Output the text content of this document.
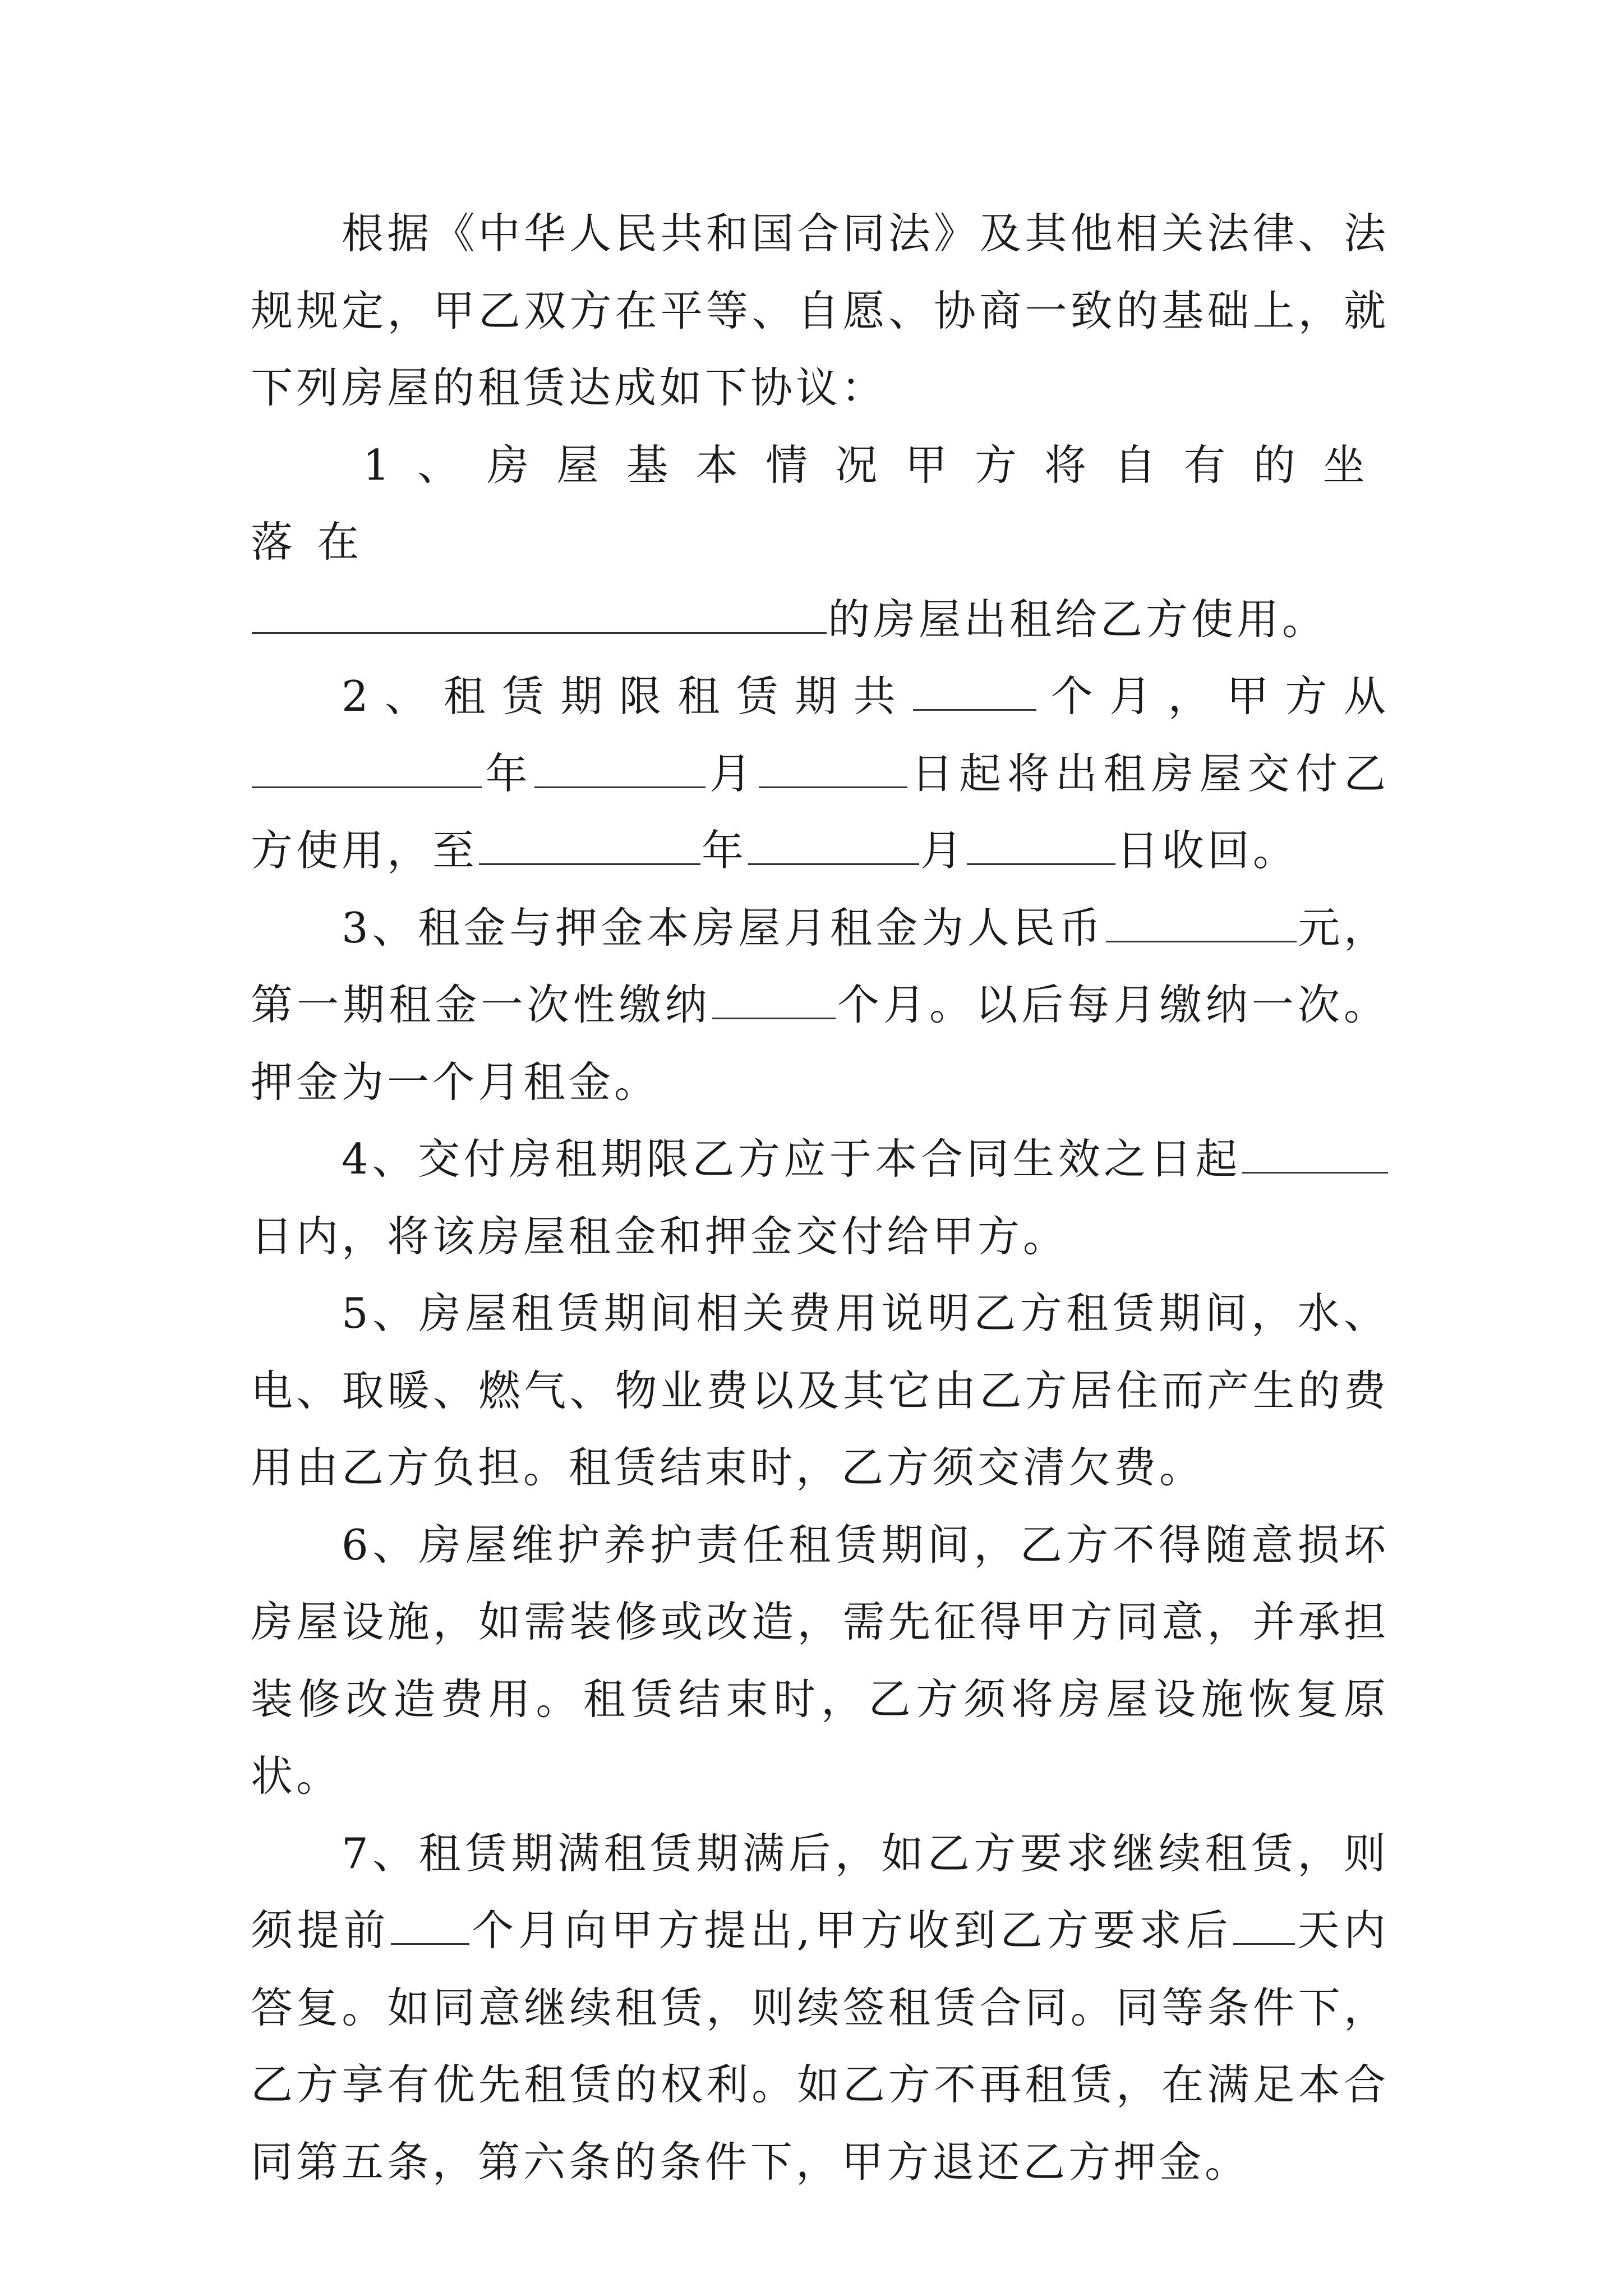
根据《中华人民共和国合同法》及其他相关法律、法规规定，甲乙双方在平等、自愿、协商一致的基础上，就下列房屋的租赁达成如下协议：

1、房屋基本情况甲方将自有的坐落在

的房屋出租给乙方使用。

2、租赁期限租赁期共	个月，甲方从年	月	日起将出租房屋交付乙方使用，至	年	月	日收回。

3、租金与押金本房屋月租金为人民币	元，第一期租金一次性缴纳	个月。以后每月缴纳一次。押金为一个月租金。

4、交付房租期限乙方应于本合同生效之日起日内，将该房屋租金和押金交付给甲方。

5、房屋租赁期间相关费用说明乙方租赁期间，水、电、取暖、燃气、物业费以及其它由乙方居住而产生的费用由乙方负担。租赁结束时，乙方须交清欠费。

6、房屋维护养护责任租赁期间，乙方不得随意损坏房屋设施，如需装修或改造，需先征得甲方同意，并承担装修改造费用。租赁结束时，乙方须将房屋设施恢复原状。

7、租赁期满租赁期满后，如乙方要求继续租赁，则须提前 个月向甲方提出,甲方收到乙方要求后 天内答复。如同意继续租赁，则续签租赁合同。同等条件下，乙方享有优先租赁的权利。如乙方不再租赁，在满足本合同第五条，第六条的条件下，甲方退还乙方押金。
